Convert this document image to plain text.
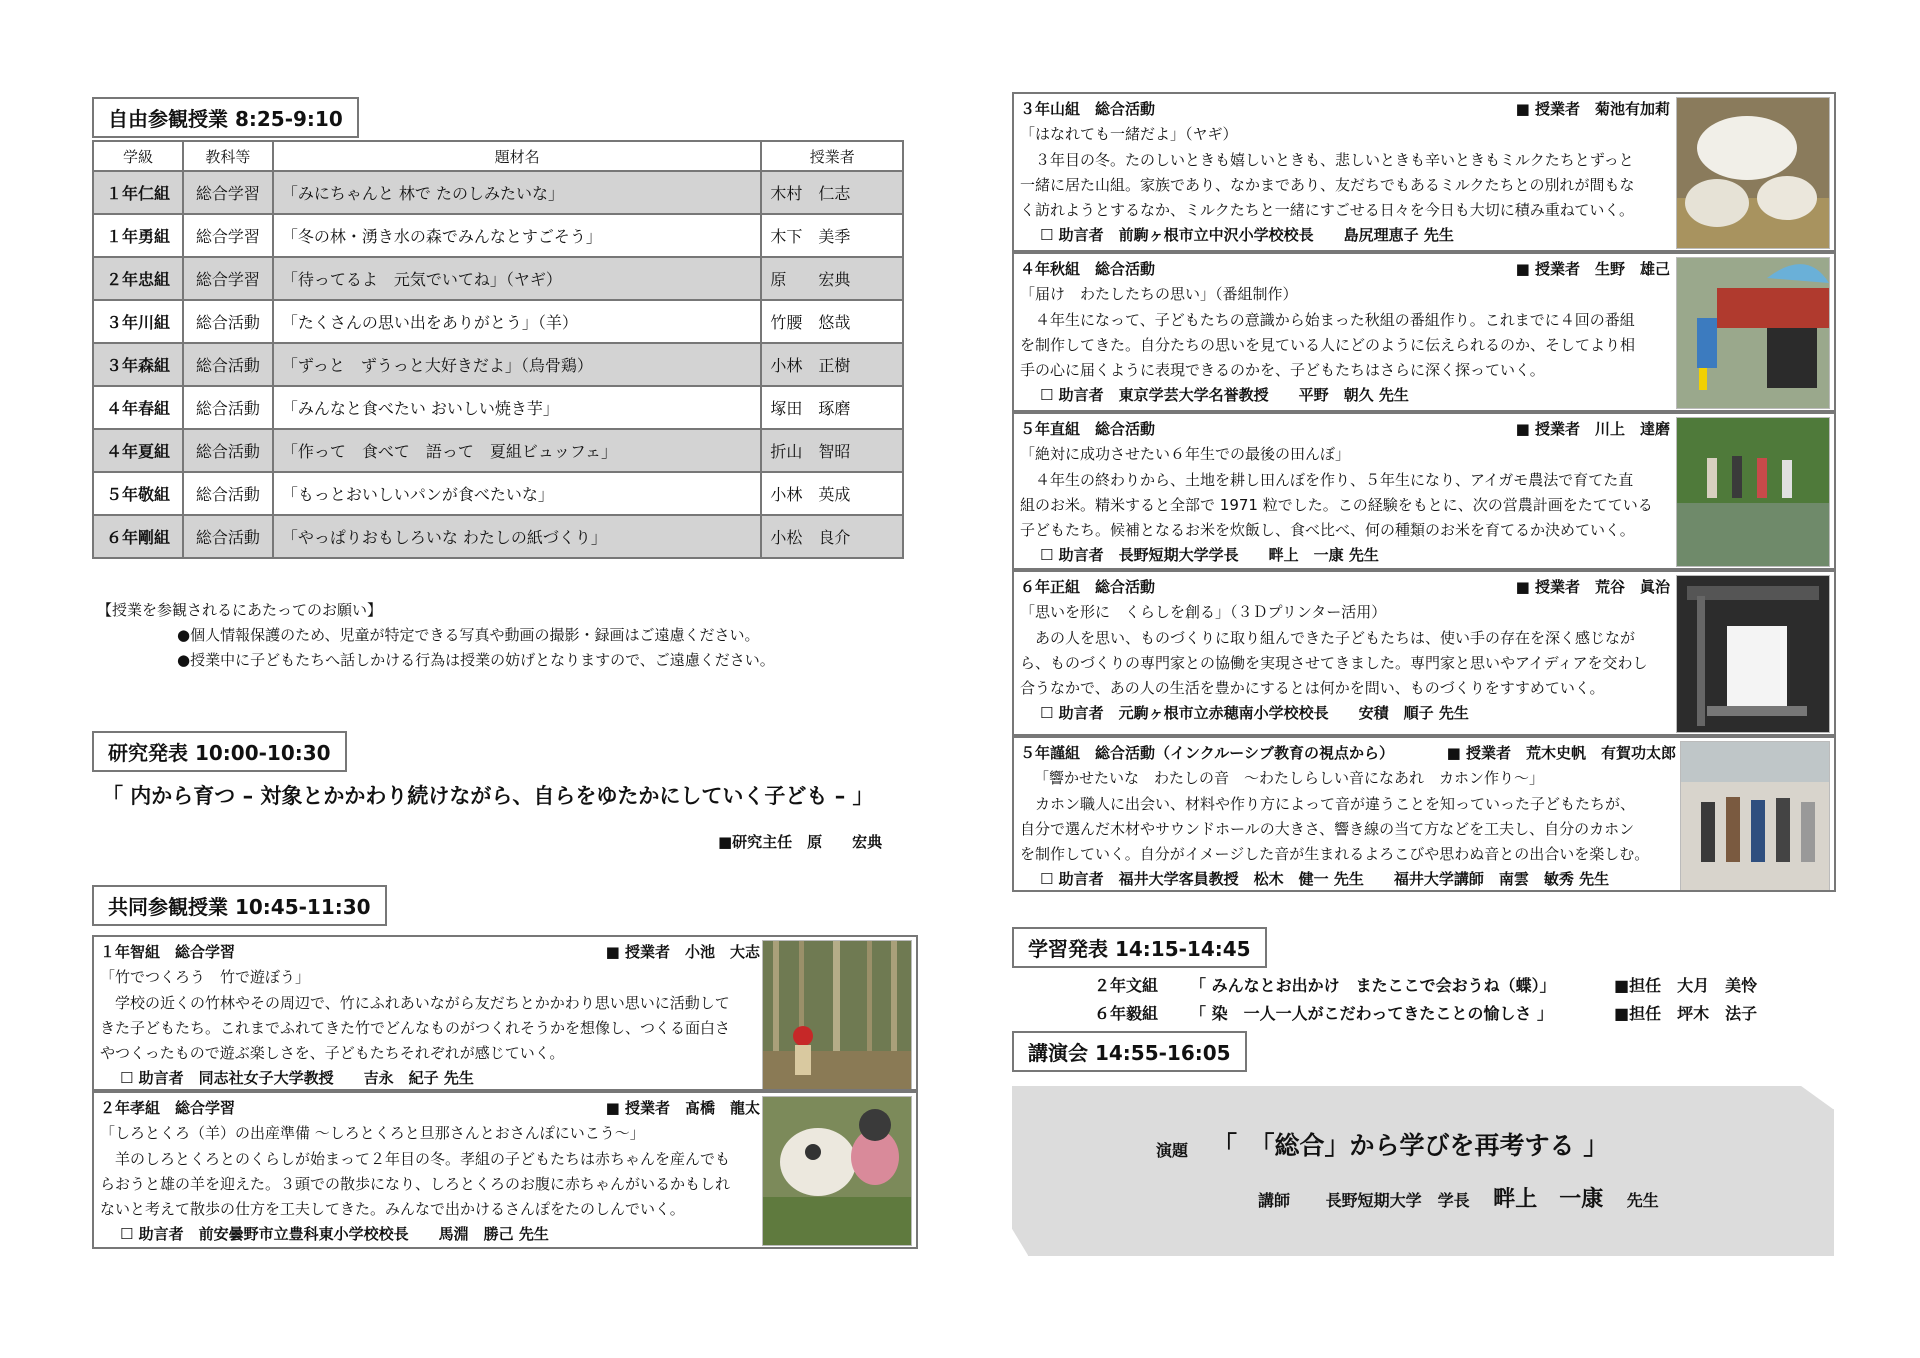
自由参観授業 8:25-9:10
学級	教科等	題材名	授業者
１年仁組	総合学習	「みにちゃんと 林で たのしみたいな」	木村　仁志
１年勇組	総合学習	「冬の林・湧き水の森でみんなとすごそう」	木下　美季
２年忠組	総合学習	「待ってるよ　元気でいてね」（ヤギ）	原　　宏典
３年川組	総合活動	「たくさんの思い出をありがとう」（羊）	竹腰　悠哉
３年森組	総合活動	「ずっと　ずうっと大好きだよ」（烏骨鶏）	小林　正樹
４年春組	総合活動	「みんなと食べたい おいしい焼き芋」	塚田　琢磨
４年夏組	総合活動	「作って　食べて　語って　夏組ビュッフェ」	折山　智昭
５年敬組	総合活動	「もっとおいしいパンが食べたいな」	小林　英成
６年剛組	総合活動	「やっぱりおもしろいな わたしの紙づくり」	小松　良介
【授業を参観されるにあたってのお願い】
●個人情報保護のため、児童が特定できる写真や動画の撮影・録画はご遠慮ください。
●授業中に子どもたちへ話しかける行為は授業の妨げとなりますので、ご遠慮ください。
研究発表 10:00-10:30
「 内から育つ – 対象とかかわり続けながら、自らをゆたかにしていく子ども – 」
■研究主任　原　　宏典
共同参観授業 10:45-11:30
１年智組　総合学習	■ 授業者　小池　大志
「竹でつくろう　竹で遊ぼう」
学校の近くの竹林やその周辺で、竹にふれあいながら友だちとかかわり思い思いに活動して
きた子どもたち。これまでふれてきた竹でどんなものがつくれそうかを想像し、つくる面白さ
やつくったもので遊ぶ楽しさを、子どもたちそれぞれが感じていく。
☐ 助言者　同志社女子大学教授　　吉永　紀子 先生
２年孝組　総合学習	■ 授業者　髙橋　龍太
「しろとくろ（羊）の出産準備 ～しろとくろと旦那さんとおさんぽにいこう～」
羊のしろとくろとのくらしが始まって２年目の冬。孝組の子どもたちは赤ちゃんを産んでも
らおうと雄の羊を迎えた。３頭での散歩になり、しろとくろのお腹に赤ちゃんがいるかもしれ
ないと考えて散歩の仕方を工夫してきた。みんなで出かけるさんぽをたのしんでいく。
☐ 助言者　前安曇野市立豊科東小学校校長　　馬淵　勝己 先生
３年山組　総合活動	■ 授業者　菊池有加莉
「はなれても一緒だよ」（ヤギ）
３年目の冬。たのしいときも嬉しいときも、悲しいときも辛いときもミルクたちとずっと
一緒に居た山組。家族であり、なかまであり、友だちでもあるミルクたちとの別れが間もな
く訪れようとするなか、ミルクたちと一緒にすごせる日々を今日も大切に積み重ねていく。
☐ 助言者　前駒ヶ根市立中沢小学校校長　　島尻理恵子 先生
４年秋組　総合活動	■ 授業者　生野　雄己
「届け　わたしたちの思い」（番組制作）
４年生になって、子どもたちの意識から始まった秋組の番組作り。これまでに４回の番組
を制作してきた。自分たちの思いを見ている人にどのように伝えられるのか、そしてより相
手の心に届くように表現できるのかを、子どもたちはさらに深く探っていく。
☐ 助言者　東京学芸大学名誉教授　　平野　朝久 先生
５年直組　総合活動	■ 授業者　川上　達磨
「絶対に成功させたい６年生での最後の田んぼ」
４年生の終わりから、土地を耕し田んぼを作り、５年生になり、アイガモ農法で育てた直
組のお米。精米すると全部で 1971 粒でした。この経験をもとに、次の営農計画をたてている
子どもたち。候補となるお米を炊飯し、食べ比べ、何の種類のお米を育てるか決めていく。
☐ 助言者　長野短期大学学長　　畔上　一康 先生
６年正組　総合活動	■ 授業者　荒谷　眞治
「思いを形に　くらしを創る」（３Ｄプリンター活用）
あの人を思い、ものづくりに取り組んできた子どもたちは、使い手の存在を深く感じなが
ら、ものづくりの専門家との協働を実現させてきました。専門家と思いやアイディアを交わし
合うなかで、あの人の生活を豊かにするとは何かを問い、ものづくりをすすめていく。
☐ 助言者　元駒ヶ根市立赤穂南小学校校長　　安積　順子 先生
５年謹組　総合活動（インクルーシブ教育の視点から）	■ 授業者　荒木史帆　有賀功太郎
「響かせたいな　わたしの音　～わたしらしい音になあれ　カホン作り～」
カホン職人に出会い、材料や作り方によって音が違うことを知っていった子どもたちが、
自分で選んだ木材やサウンドホールの大きさ、響き線の当て方などを工夫し、自分のカホン
を制作していく。自分がイメージした音が生まれるよろこびや思わぬ音との出合いを楽しむ。
☐ 助言者　福井大学客員教授　松木　健一 先生　　福井大学講師　南雲　敏秀 先生
学習発表 14:15-14:45
２年文組 「 みんなとお出かけ　またここで会おうね（蝶）」	■担任　大月　美怜
６年毅組 「 染　一人一人がこだわってきたことの愉しさ 」	■担任　坪木　法子
講演会 14:55-16:05
演題 「　「総合」から学びを再考する 」
講師 長野短期大学　学長 畔上　一康 先生
